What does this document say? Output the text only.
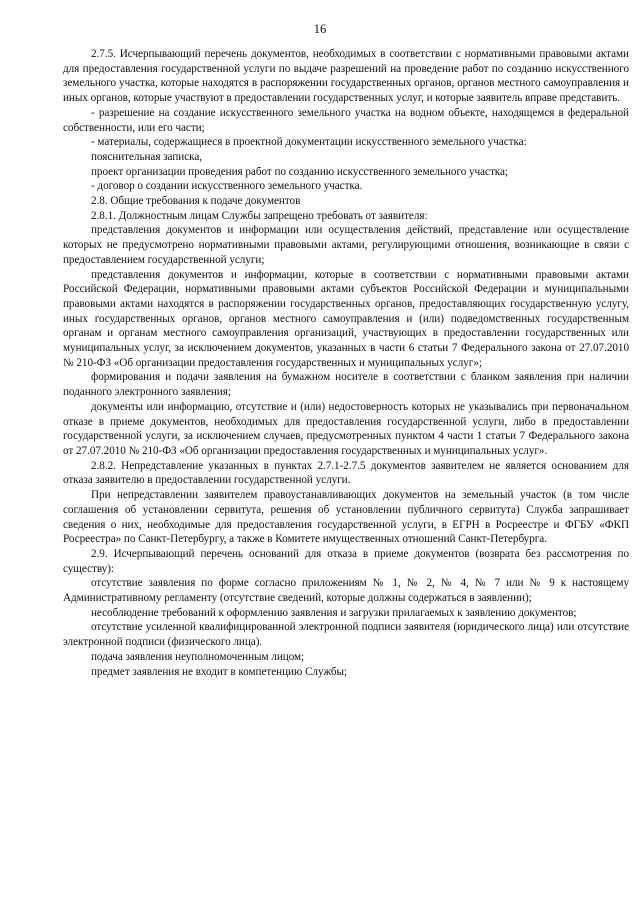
16

2.7.5. Исчерпывающий перечень документов, необходимых в соответствии с нормативными правовыми актами для предоставления государственной услуги по выдаче разрешений на проведение работ по созданию искусственного земельного участка, которые находятся в распоряжении государственных органов, органов местного самоуправления и иных органов, которые участвуют в предоставлении государственных услуг, и которые заявитель вправе представить.

- разрешение на создание искусственного земельного участка на водном объекте, находящемся в федеральной собственности, или его части;

- материалы, содержащиеся в проектной документации искусственного земельного участка:

пояснительная записка,

проект организации проведения работ по созданию искусственного земельного участка;

- договор о создании искусственного земельного участка.

2.8. Общие требования к подаче документов

2.8.1. Должностным лицам Службы запрещено требовать от заявителя:

представления документов и информации или осуществления действий, представление или осуществление которых не предусмотрено нормативными правовыми актами, регулирующими отношения, возникающие в связи с предоставлением государственной услуги;

представления документов и информации, которые в соответствии с нормативными правовыми актами Российской Федерации, нормативными правовыми актами субъектов Российской Федерации и муниципальными правовыми актами находятся в распоряжении государственных органов, предоставляющих государственную услугу, иных государственных органов, органов местного самоуправления и (или) подведомственных государственным органам и органам местного самоуправления организаций, участвующих в предоставлении государственных или муниципальных услуг, за исключением документов, указанных в части 6 статьи 7 Федерального закона от 27.07.2010 № 210-ФЗ «Об организации предоставления государственных и муниципальных услуг»;

формирования и подачи заявления на бумажном носителе в соответствии с бланком заявления при наличии поданного электронного заявления;

документы или информацию, отсутствие и (или) недостоверность которых не указывались при первоначальном отказе в приеме документов, необходимых для предоставления государственной услуги, либо в предоставлении государственной услуги, за исключением случаев, предусмотренных пунктом 4 части 1 статьи 7 Федерального закона от 27.07.2010 № 210-ФЗ «Об организации предоставления государственных и муниципальных услуг».

2.8.2. Непредставление указанных в пунктах 2.7.1-2.7.5 документов заявителем не является основанием для отказа заявителю в предоставлении государственной услуги.

При непредставлении заявителем правоустанавливающих документов на земельный участок (в том числе соглашения об установлении сервитута, решения об установлении публичного сервитута) Служба запрашивает сведения о них, необходимые для предоставления государственной услуги, в ЕГРН в Росреестре и ФГБУ «ФКП Росреестра» по Санкт-Петербургу, а также в Комитете имущественных отношений Санкт-Петербурга.

2.9. Исчерпывающий перечень оснований для отказа в приеме документов (возврата без рассмотрения по существу):

отсутствие заявления по форме согласно приложениям № 1, № 2, № 4, № 7 или № 9 к настоящему Административному регламенту (отсутствие сведений, которые должны содержаться в заявлении);

несоблюдение требований к оформлению заявления и загрузки прилагаемых к заявлению документов;

отсутствие усиленной квалифицированной электронной подписи заявителя (юридического лица) или отсутствие электронной подписи (физического лица).

подача заявления неуполномоченным лицом;

предмет заявления не входит в компетенцию Службы;
